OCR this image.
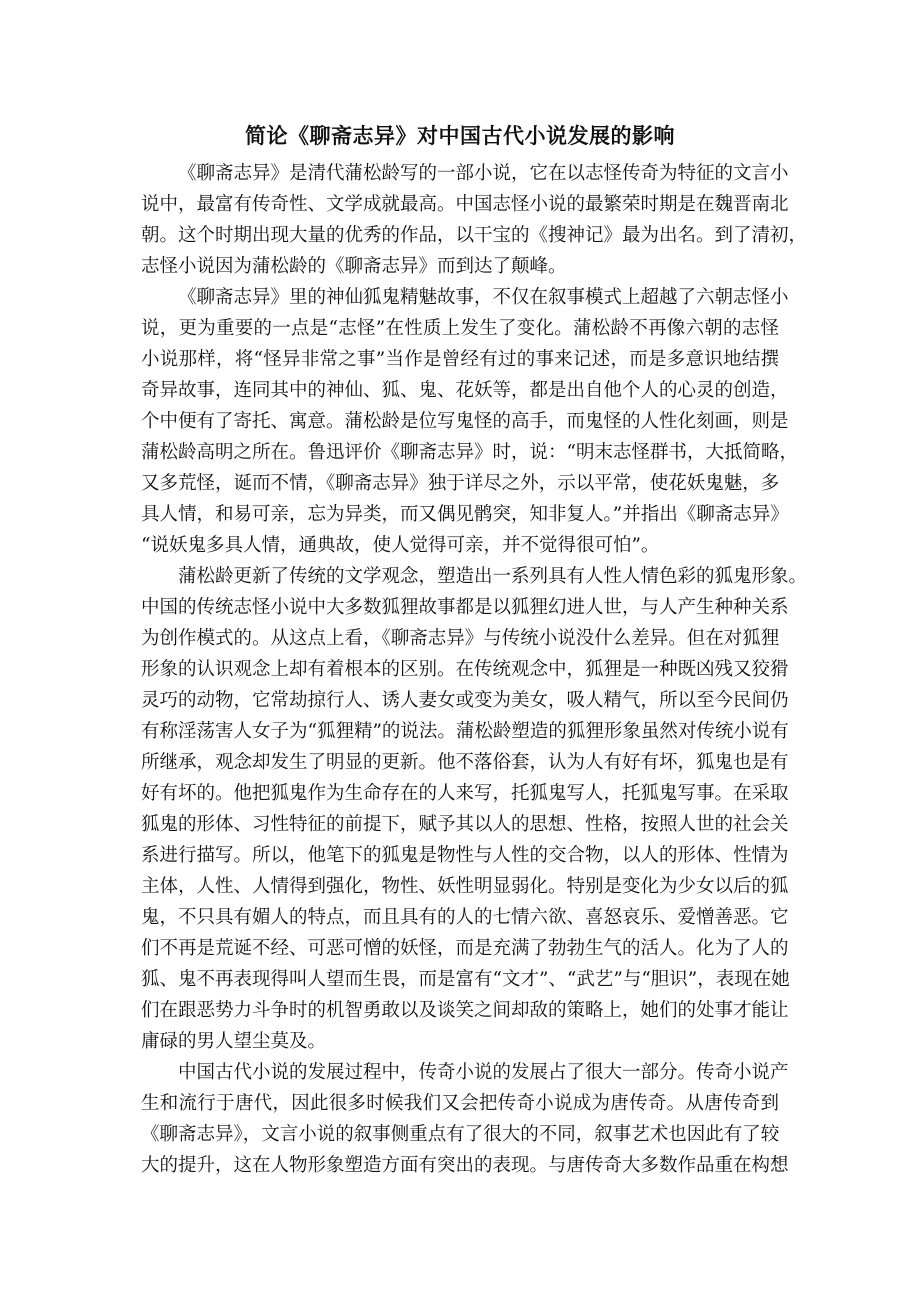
简论《聊斋志异》对中国古代小说发展的影响
《聊斋志异》是清代蒲松龄写的一部小说，它在以志怪传奇为特征的文言小
说中，最富有传奇性、文学成就最高。中国志怪小说的最繁荣时期是在魏晋南北
朝。这个时期出现大量的优秀的作品，以干宝的《搜神记》最为出名。到了清初，
志怪小说因为蒲松龄的《聊斋志异》而到达了颠峰。
《聊斋志异》里的神仙狐鬼精魅故事，不仅在叙事模式上超越了六朝志怪小
说，更为重要的一点是“志怪”在性质上发生了变化。蒲松龄不再像六朝的志怪
小说那样，将“怪异非常之事”当作是曾经有过的事来记述，而是多意识地结撰
奇异故事，连同其中的神仙、狐、鬼、花妖等，都是出自他个人的心灵的创造，
个中便有了寄托、寓意。蒲松龄是位写鬼怪的高手，而鬼怪的人性化刻画，则是
蒲松龄高明之所在。鲁迅评价《聊斋志异》时，说：“明末志怪群书，大抵简略，
又多荒怪，诞而不情，《聊斋志异》独于详尽之外，示以平常，使花妖鬼魅，多
具人情，和易可亲，忘为异类，而又偶见鹘突，知非复人。”并指出《聊斋志异》
“说妖鬼多具人情，通典故，使人觉得可亲，并不觉得很可怕”。
蒲松龄更新了传统的文学观念，塑造出一系列具有人性人情色彩的狐鬼形象。
中国的传统志怪小说中大多数狐狸故事都是以狐狸幻进人世，与人产生种种关系
为创作模式的。从这点上看，《聊斋志异》与传统小说没什么差异。但在对狐狸
形象的认识观念上却有着根本的区别。在传统观念中，狐狸是一种既凶残又狡猾
灵巧的动物，它常劫掠行人、诱人妻女或变为美女，吸人精气，所以至今民间仍
有称淫荡害人女子为“狐狸精”的说法。蒲松龄塑造的狐狸形象虽然对传统小说有
所继承，观念却发生了明显的更新。他不落俗套，认为人有好有坏，狐鬼也是有
好有坏的。他把狐鬼作为生命存在的人来写，托狐鬼写人，托狐鬼写事。在采取
狐鬼的形体、习性特征的前提下，赋予其以人的思想、性格，按照人世的社会关
系进行描写。所以，他笔下的狐鬼是物性与人性的交合物，以人的形体、性情为
主体，人性、人情得到强化，物性、妖性明显弱化。特别是变化为少女以后的狐
鬼，不只具有媚人的特点，而且具有的人的七情六欲、喜怒哀乐、爱憎善恶。它
们不再是荒诞不经、可恶可憎的妖怪，而是充满了勃勃生气的活人。化为了人的
狐、鬼不再表现得叫人望而生畏，而是富有“文才”、“武艺”与“胆识”，表现在她
们在跟恶势力斗争时的机智勇敢以及谈笑之间却敌的策略上，她们的处事才能让
庸碌的男人望尘莫及。
中国古代小说的发展过程中，传奇小说的发展占了很大一部分。传奇小说产
生和流行于唐代，因此很多时候我们又会把传奇小说成为唐传奇。从唐传奇到
《聊斋志异》，文言小说的叙事侧重点有了很大的不同，叙事艺术也因此有了较
大的提升，这在人物形象塑造方面有突出的表现。与唐传奇大多数作品重在构想
